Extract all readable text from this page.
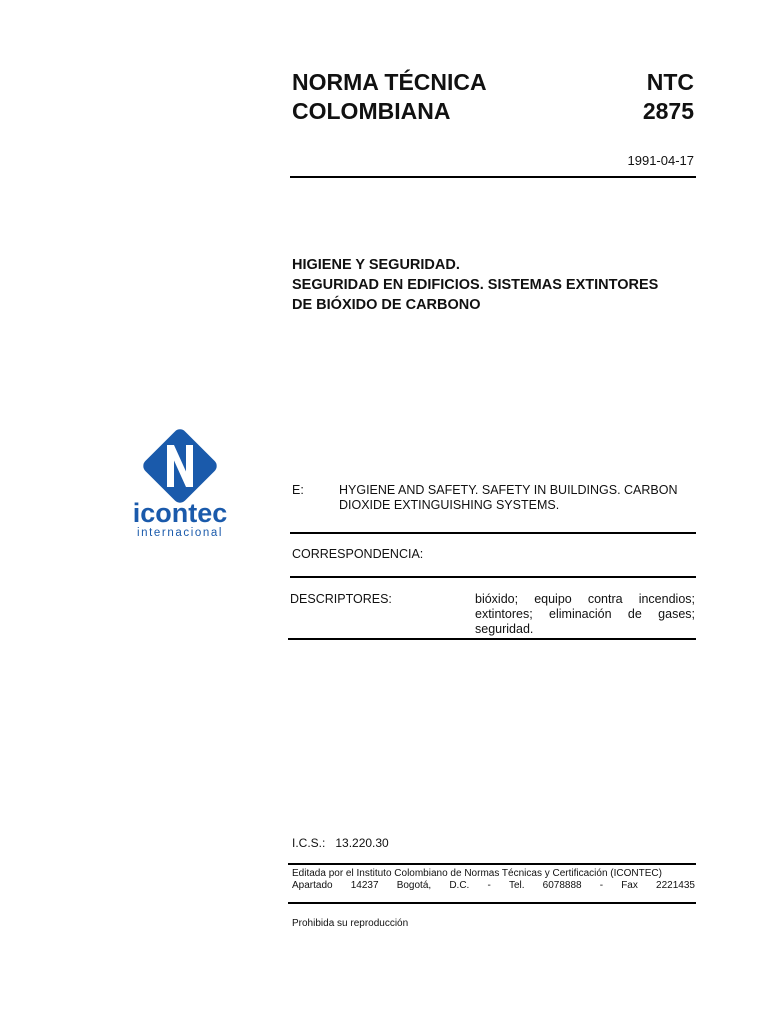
NORMA TÉCNICA
COLOMBIANA
NTC
2875
1991-04-17
HIGIENE Y SEGURIDAD.
SEGURIDAD EN EDIFICIOS. SISTEMAS EXTINTORES
DE BIÓXIDO DE CARBONO
icontec
internacional
E:	HYGIENE AND SAFETY. SAFETY IN BUILDINGS. CARBON DIOXIDE EXTINGUISHING SYSTEMS.
CORRESPONDENCIA:
DESCRIPTORES:	bióxido; equipo contra incendios; extintores; eliminación de gases; seguridad.
I.C.S.: 13.220.30
Editada por el Instituto Colombiano de Normas Técnicas y Certificación (ICONTEC)
Apartado 14237 Bogotá, D.C. - Tel. 6078888 - Fax 2221435
Prohibida su reproducción
